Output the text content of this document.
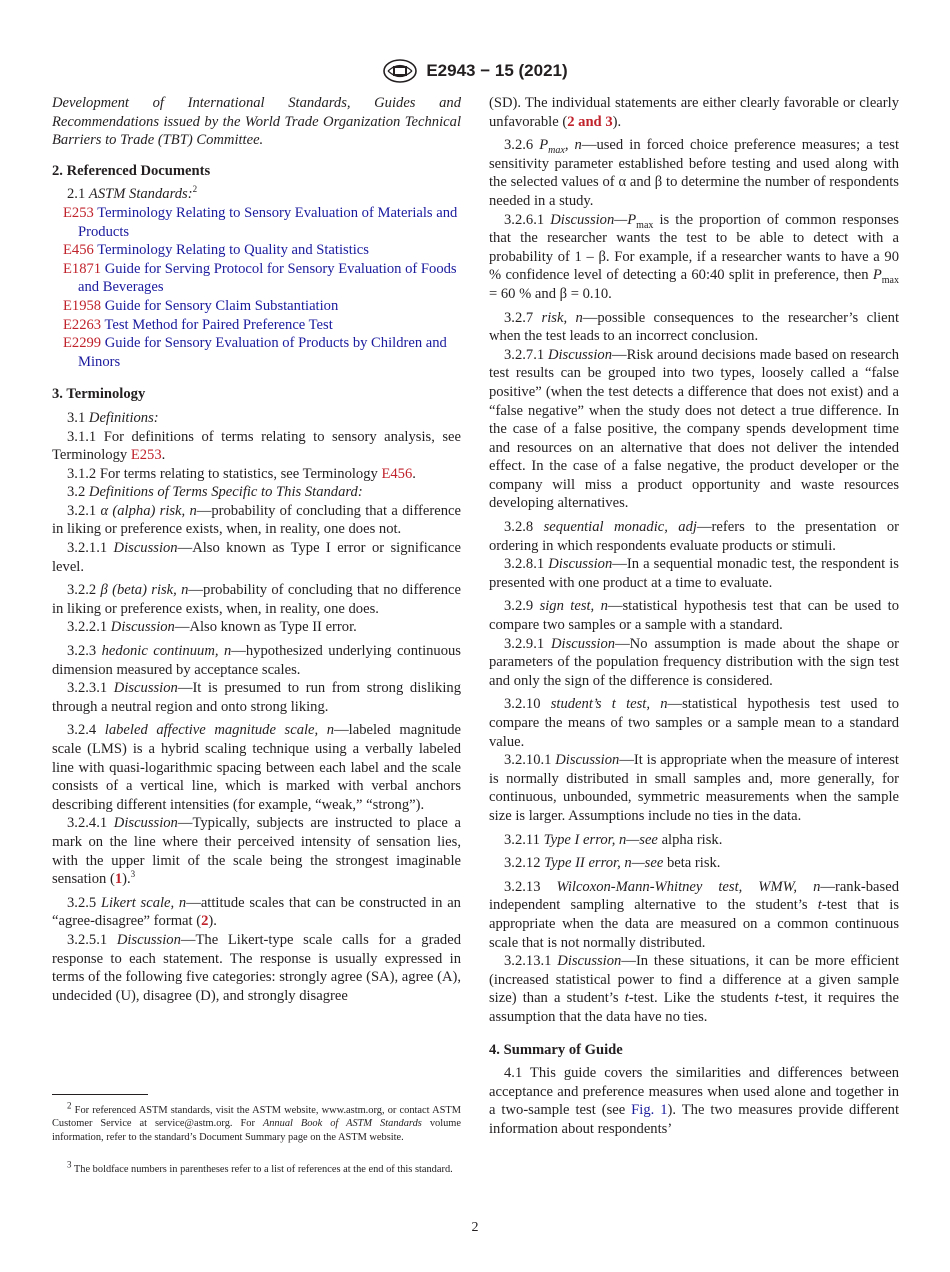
E2943 − 15 (2021)

Development of International Standards, Guides and Recommendations issued by the World Trade Organization Technical Barriers to Trade (TBT) Committee.

2. Referenced Documents

2.1 ASTM Standards:$^2$

E253 Terminology Relating to Sensory Evaluation of Materials and Products

E456 Terminology Relating to Quality and Statistics

E1871 Guide for Serving Protocol for Sensory Evaluation of Foods and Beverages

E1958 Guide for Sensory Claim Substantiation

E2263 Test Method for Paired Preference Test

E2299 Guide for Sensory Evaluation of Products by Children and Minors

3. Terminology

3.1 Definitions:

3.1.1 For definitions of terms relating to sensory analysis, see Terminology E253.

3.1.2 For terms relating to statistics, see Terminology E456.

3.2 Definitions of Terms Specific to This Standard:

3.2.1 α (alpha) risk, n—probability of concluding that a difference in liking or preference exists, when, in reality, one does not.

3.2.1.1 Discussion—Also known as Type I error or significance level.

3.2.2 β (beta) risk, n—probability of concluding that no difference in liking or preference exists, when, in reality, one does.

3.2.2.1 Discussion—Also known as Type II error.

3.2.3 hedonic continuum, n—hypothesized underlying continuous dimension measured by acceptance scales.

3.2.3.1 Discussion—It is presumed to run from strong disliking through a neutral region and onto strong liking.

3.2.4 labeled affective magnitude scale, n—labeled magnitude scale (LMS) is a hybrid scaling technique using a verbally labeled line with quasi-logarithmic spacing between each label and the scale consists of a vertical line, which is marked with verbal anchors describing different intensities (for example, “weak,” “strong”).

3.2.4.1 Discussion—Typically, subjects are instructed to place a mark on the line where their perceived intensity of sensation lies, with the upper limit of the scale being the strongest imaginable sensation (1).$^3$

3.2.5 Likert scale, n—attitude scales that can be constructed in an “agree-disagree” format (2).

3.2.5.1 Discussion—The Likert-type scale calls for a graded response to each statement. The response is usually expressed in terms of the following five categories: strongly agree (SA), agree (A), undecided (U), disagree (D), and strongly disagree

$^2$ For referenced ASTM standards, visit the ASTM website, www.astm.org, or contact ASTM Customer Service at service@astm.org. For Annual Book of ASTM Standards volume information, refer to the standard’s Document Summary page on the ASTM website.

$^3$ The boldface numbers in parentheses refer to a list of references at the end of this standard.

(SD). The individual statements are either clearly favorable or clearly unfavorable (2 and 3).

3.2.6 $P_{max}$, n—used in forced choice preference measures; a test sensitivity parameter established before testing and used along with the selected values of α and β to determine the number of respondents needed in a study.

3.2.6.1 $Discussion—P_{max}$ is the proportion of common responses that the researcher wants the test to be able to detect with a probability of 1 – β. For example, if a researcher wants to have a 90 % confidence level of detecting a 60:40 split in preference, then $P_{max} = 60$ % and β = 0.10.

3.2.7 risk, n—possible consequences to the researcher’s client when the test leads to an incorrect conclusion.

3.2.7.1 Discussion—Risk around decisions made based on research test results can be grouped into two types, loosely called a “false positive” (when the test detects a difference that does not exist) and a “false negative” when the study does not detect a true difference. In the case of a false positive, the company spends development time and resources on an alternative that does not deliver the intended effect. In the case of a false negative, the product developer or the company will miss a product opportunity and waste resources developing alternatives.

3.2.8 sequential monadic, adj—refers to the presentation or ordering in which respondents evaluate products or stimuli.

3.2.8.1 Discussion—In a sequential monadic test, the respondent is presented with one product at a time to evaluate.

3.2.9 sign test, n—statistical hypothesis test that can be used to compare two samples or a sample with a standard.

3.2.9.1 Discussion—No assumption is made about the shape or parameters of the population frequency distribution with the sign test and only the sign of the difference is considered.

3.2.10 student’s t test, n—statistical hypothesis test used to compare the means of two samples or a sample mean to a standard value.

3.2.10.1 Discussion—It is appropriate when the measure of interest is normally distributed in small samples and, more generally, for continuous, unbounded, symmetric measurements when the sample size is larger. Assumptions include no ties in the data.

3.2.11 Type I error, n—see alpha risk.

3.2.12 Type II error, n—see beta risk.

3.2.13 Wilcoxon-Mann-Whitney test, WMW, n—rank-based independent sampling alternative to the student’s t-test that is appropriate when the data are measured on a common continuous scale that is not normally distributed.

3.2.13.1 Discussion—In these situations, it can be more efficient (increased statistical power to find a difference at a given sample size) than a student’s t-test. Like the students t-test, it requires the assumption that the data have no ties.

4. Summary of Guide

4.1 This guide covers the similarities and differences between acceptance and preference measures when used alone and together in a two-sample test (see Fig. 1). The two measures provide different information about respondents’

2
